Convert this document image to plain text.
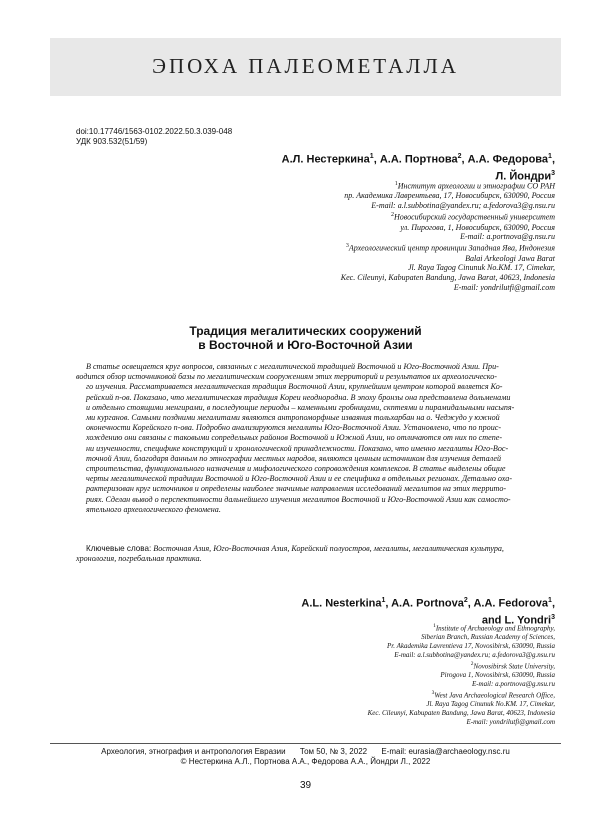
ЭПОХА ПАЛЕОМЕТАЛЛА
doi:10.17746/1563-0102.2022.50.3.039-048
УДК 903.532(51/59)
А.Л. Нестеркина$^1$, А.А. Портнова$^2$, А.А. Федорова$^1$,
Л. Йондри$^3$
$^1$Институт археологии и этнографии СО РАН
пр. Академика Лаврентьева, 17, Новосибирск, 630090, Россия
E-mail: a.l.subbotina@yandex.ru; a.fedorova3@g.nsu.ru
$^2$Новосибирский государственный университет
ул. Пирогова, 1, Новосибирск, 630090, Россия
E-mail: a.portnova@g.nsu.ru
$^3$Археологический центр провинции Западная Ява, Индонезия
Balai Arkeologi Jawa Barat
Jl. Raya Tagog Cinunuk No.KM. 17, Cimekar,
Kec. Cileunyi, Kabupaten Bandung, Jawa Barat, 40623, Indonesia
E-mail: yondrilutfi@gmail.com
Традиция мегалитических сооружений
в Восточной и Юго-Восточной Азии
В статье освещается круг вопросов, связанных с мегалитической традицией Восточной и Юго-Восточной Азии. При-
водится обзор источниковой базы по мегалитическим сооружениям этих территорий и результатов их археологическо-
го изучения. Рассматривается мегалитическая традиция Восточной Азии, крупнейшим центром которой является Ко-
рейский п-ов. Показано, что мегалитическая традиция Кореи неоднородна. В эпоху бронзы она представлена дольменами
и отдельно стоящими менгирами, в последующие периоды – каменными гробницами, скптеями и пирамидальными насыпя-
ми курганов. Самыми поздними мегалитами являются антропоморфные изваяния тольхарбан на о. Чеджудо у южной
оконечности Корейского п-ова. Подробно анализируются мегалиты Юго-Восточной Азии. Установлено, что по проис-
хождению они связаны с таковыми сопредельных районов Восточной и Южной Азии, но отличаются от них по степе-
ни изученности, специфике конструкций и хронологической принадлежности. Показано, что именно мегалиты Юго-Вос-
точной Азии, благодаря данным по этнографии местных народов, являются ценным источником для изучения деталей
строительства, функционального назначения и мифологического сопровождения комплексов. В статье выделены общие
черты мегалитической традиции Восточной и Юго-Восточной Азии и ее специфика в отдельных регионах. Детально оха-
рактеризован круг источников и определены наиболее значимые направления исследований мегалитов на этих террито-
риях. Сделан вывод о перспективности дальнейшего изучения мегалитов Восточной и Юго-Восточной Азии как самосто-
ятельного археологического феномена.
Ключевые слова: Восточная Азия, Юго-Восточная Азия, Корейский полуостров, мегалиты, мегалитическая культура,
хронология, погребальная практика.
A.L. Nesterkina$^1$, A.A. Portnova$^2$, A.A. Fedorova$^1$,
and L. Yondri$^3$
$^1$Institute of Archaeology and Ethnography,
Siberian Branch, Russian Academy of Sciences,
Pr. Akademika Lavrentieva 17, Novosibirsk, 630090, Russia
E-mail: a.l.subbotina@yandex.ru; a.fedorova3@g.nsu.ru
$^2$Novosibirsk State University,
Pirogova 1, Novosibirsk, 630090, Russia
E-mail: a.portnova@g.nsu.ru
$^3$West Java Archaeological Research Office,
Jl. Raya Tagog Cinunuk No.KM. 17, Cimekar,
Kec. Cileunyi, Kabupaten Bandung, Jawa Barat, 40623, Indonesia
E-mail: yondrilutfi@gmail.com
Археология, этнография и антропология Евразии Том 50, № 3, 2022 E-mail: eurasia@archaeology.nsc.ru
© Нестеркина А.Л., Портнова А.А., Федорова А.А., Йондри Л., 2022
39
